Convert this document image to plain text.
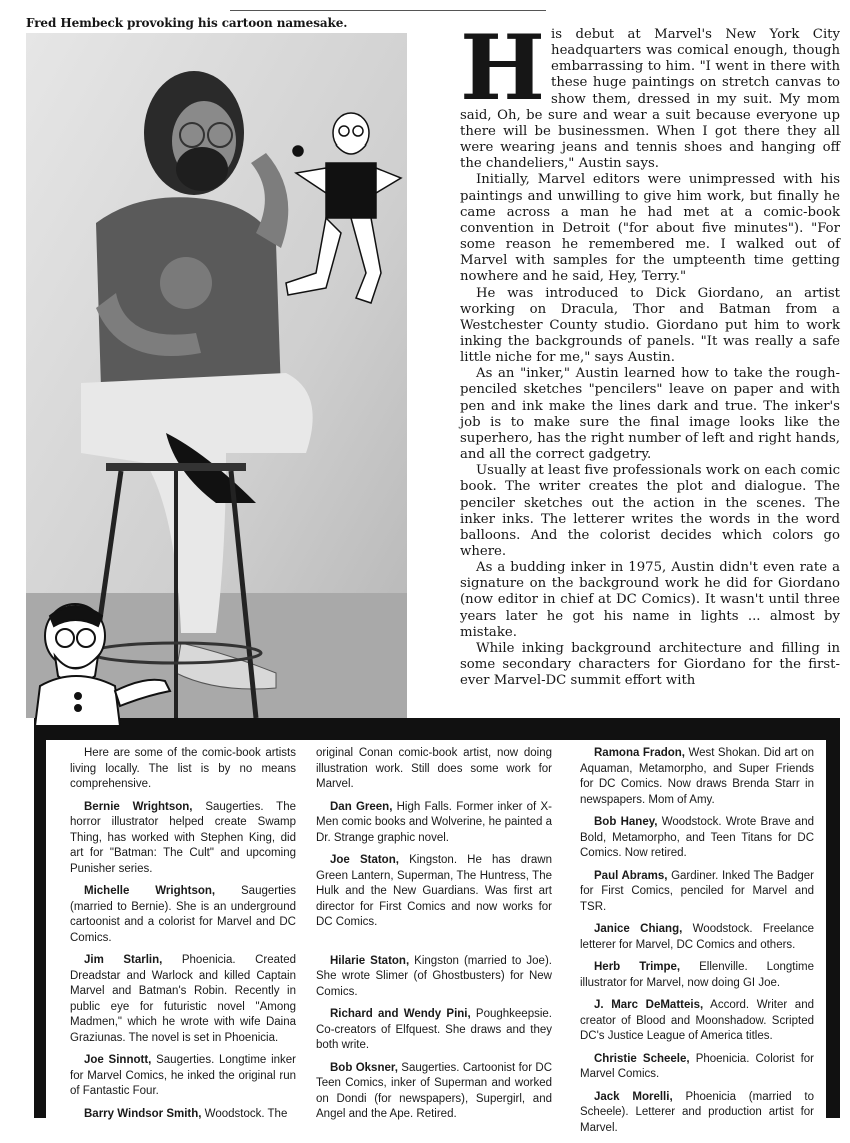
Fred Hembeck provoking his cartoon namesake. His debut at Marvel's New York City headquarters was comical enough, though embarrassing to him. "I went in there with these huge paintings on stretch canvas to show them, dressed in my suit. My mom said, Oh, be sure and wear a suit because everyone up there will be businessmen. When I got there they all were wearing jeans and tennis shoes and hanging off the chandeliers," Austin says.

Initially, Marvel editors were unimpressed with his paintings and unwilling to give him work, but finally he came across a man he had met at a comic-book convention in Detroit ("for about five minutes"). "For some reason he remembered me. I walked out of Marvel with samples for the umpteenth time getting nowhere and he said, Hey, Terry."

He was introduced to Dick Giordano, an artist working on Dracula, Thor and Batman from a Westchester County studio. Giordano put him to work inking the backgrounds of panels. "It was really a safe little niche for me," says Austin.

As an "inker," Austin learned how to take the rough-penciled sketches "pencilers" leave on paper and with pen and ink make the lines dark and true. The inker's job is to make sure the final image looks like the superhero, has the right number of left and right hands, and all the correct gadgetry.

Usually at least five professionals work on each comic book. The writer creates the plot and dialogue. The penciler sketches out the action in the scenes. The inker inks. The letterer writes the words in the word balloons. And the colorist decides which colors go where.

As a budding inker in 1975, Austin didn't even rate a signature on the background work he did for Giordano (now editor in chief at DC Comics). It wasn't until three years later he got his name in lights ... almost by mistake.

While inking background architecture and filling in some secondary characters for Giordano for the first-ever Marvel-DC summit effort with

Here are some of the comic-book artists living locally. The list is by no means comprehensive.

Bernie Wrightson, Saugerties. The horror illustrator helped create Swamp Thing, has worked with Stephen King, did art for "Batman: The Cult" and upcoming Punisher series.

Michelle Wrightson, Saugerties (married to Bernie). She is an underground cartoonist and a colorist for Marvel and DC Comics.

Jim Starlin, Phoenicia. Created Dreadstar and Warlock and killed Captain Marvel and Batman's Robin. Recently in public eye for futuristic novel "Among Madmen," which he wrote with wife Daina Graziunas. The novel is set in Phoenicia.

Joe Sinnott, Saugerties. Longtime inker for Marvel Comics, he inked the original run of Fantastic Four.

Barry Windsor Smith, Woodstock. The

original Conan comic-book artist, now doing illustration work. Still does some work for Marvel.

Dan Green, High Falls. Former inker of X-Men comic books and Wolverine, he painted a Dr. Strange graphic novel.

Joe Staton, Kingston. He has drawn Green Lantern, Superman, The Huntress, The Hulk and the New Guardians. Was first art director for First Comics and now works for DC Comics.

Hilarie Staton, Kingston (married to Joe). She wrote Slimer (of Ghostbusters) for New Comics.

Richard and Wendy Pini, Poughkeepsie. Co-creators of Elfquest. She draws and they both write.

Bob Oksner, Saugerties. Cartoonist for DC Teen Comics, inker of Superman and worked on Dondi (for newspapers), Supergirl, and Angel and the Ape. Retired.

Ramona Fradon, West Shokan. Did art on Aquaman, Metamorpho, and Super Friends for DC Comics. Now draws Brenda Starr in newspapers. Mom of Amy.

Bob Haney, Woodstock. Wrote Brave and Bold, Metamorpho, and Teen Titans for DC Comics. Now retired.

Paul Abrams, Gardiner. Inked The Badger for First Comics, penciled for Marvel and TSR.

Janice Chiang, Woodstock. Freelance letterer for Marvel, DC Comics and others.

Herb Trimpe, Ellenville. Longtime illustrator for Marvel, now doing GI Joe.

J. Marc DeMatteis, Accord. Writer and creator of Blood and Moonshadow. Scripted DC's Justice League of America titles.

Christie Scheele, Phoenicia. Colorist for Marvel Comics.

Jack Morelli, Phoenicia (married to Scheele). Letterer and production artist for Marvel.
